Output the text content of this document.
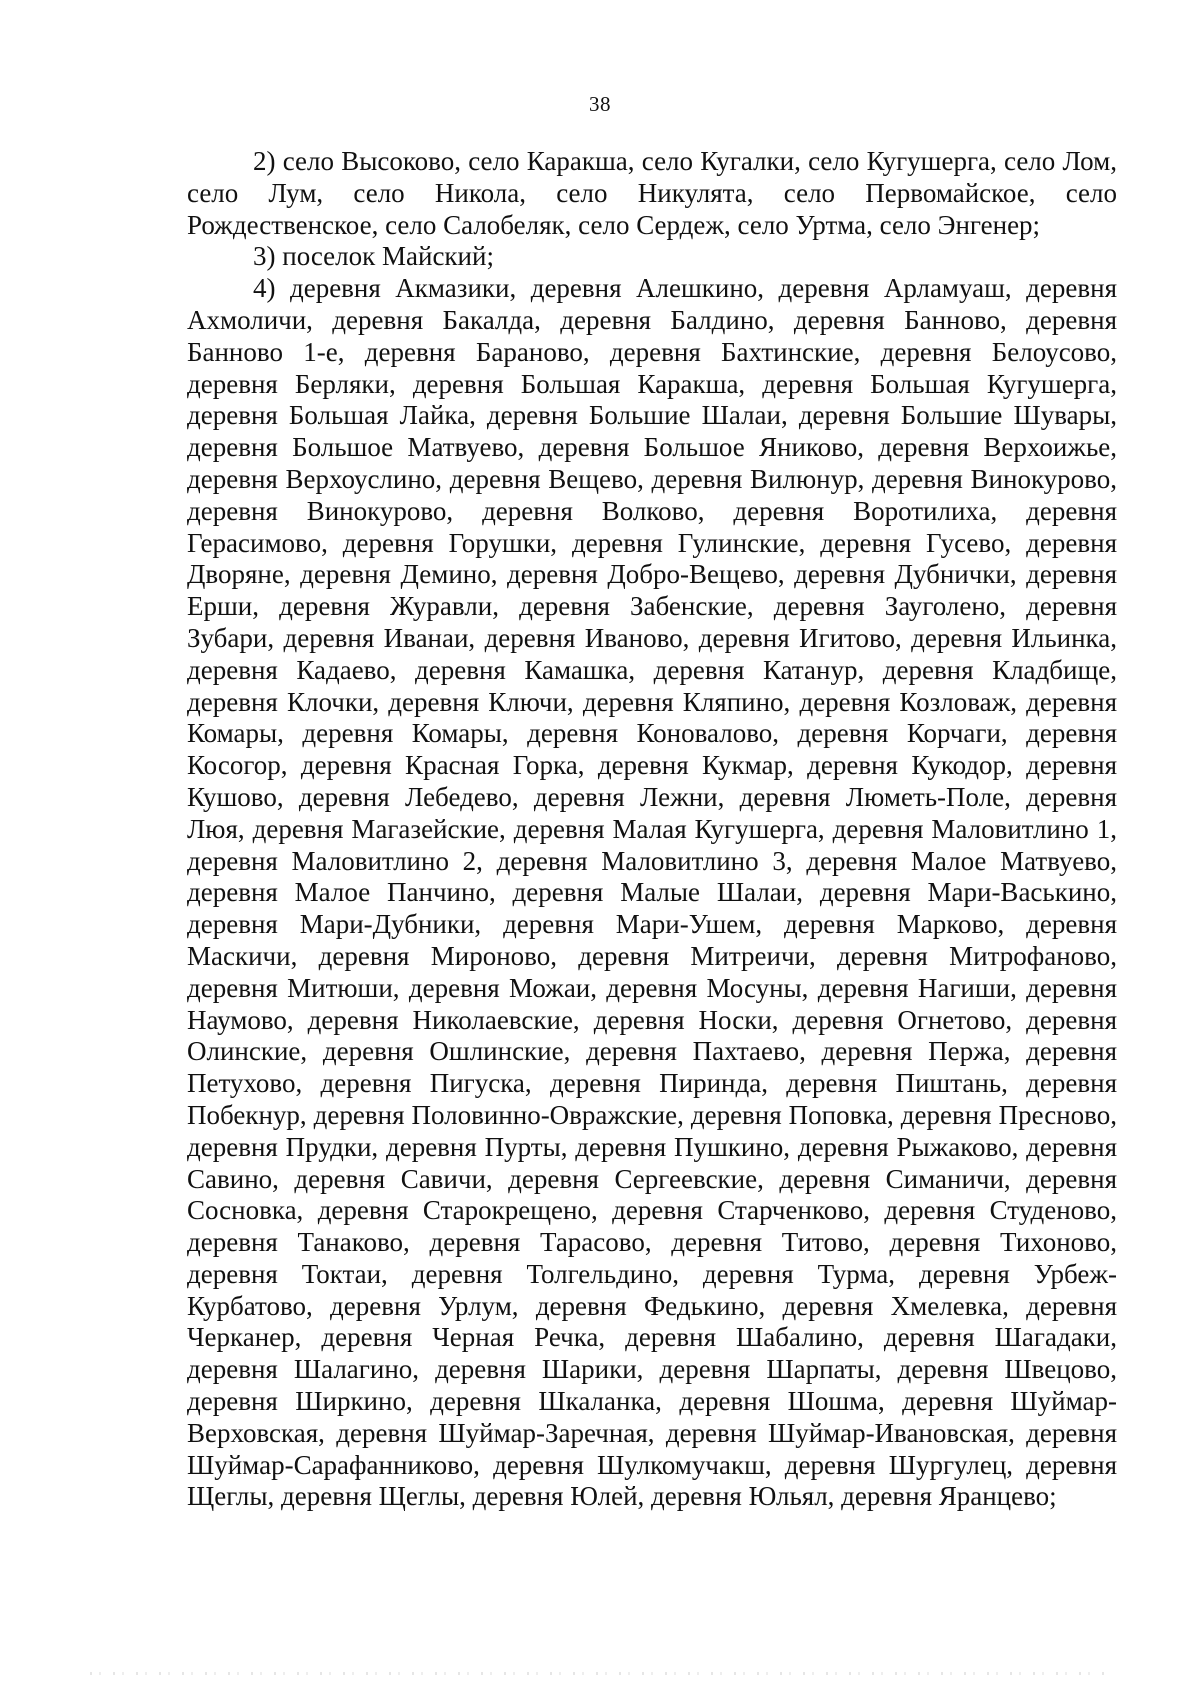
38

2) село Высоково, село Каракша, село Кугалки, село Кугушерга, село Лом, село Лум, село Никола, село Никулята, село Первомайское, село Рождественское, село Салобеляк, село Сердеж, село Уртма, село Энгенер;

3) поселок Майский;

4) деревня Акмазики, деревня Алешкино, деревня Арламуаш, деревня Ахмоличи, деревня Бакалда, деревня Балдино, деревня Банново, деревня Банново 1-е, деревня Бараново, деревня Бахтинские, деревня Белоусово, деревня Берляки, деревня Большая Каракша, деревня Большая Кугушерга, деревня Большая Лайка, деревня Большие Шалаи, деревня Большие Шувары, деревня Большое Матвуево, деревня Большое Яниково, деревня Верхоижье, деревня Верхоуслино, деревня Вещево, деревня Вилюнур, деревня Винокурово, деревня Винокурово, деревня Волково, деревня Воротилиха, деревня Герасимово, деревня Горушки, деревня Гулинские, деревня Гусево, деревня Дворяне, деревня Демино, деревня Добро-Вещево, деревня Дубнички, деревня Ерши, деревня Журавли, деревня Забенские, деревня Зауголено, деревня Зубари, деревня Иванаи, деревня Иваново, деревня Игитово, деревня Ильинка, деревня Кадаево, деревня Камашка, деревня Катанур, деревня Кладбище, деревня Клочки, деревня Ключи, деревня Кляпино, деревня Козловаж, деревня Комары, деревня Комары, деревня Коновалово, деревня Корчаги, деревня Косогор, деревня Красная Горка, деревня Кукмар, деревня Кукодор, деревня Кушово, деревня Лебедево, деревня Лежни, деревня Люметь-Поле, деревня Люя, деревня Магазейские, деревня Малая Кугушерга, деревня Маловитлино 1, деревня Маловитлино 2, деревня Маловитлино 3, деревня Малое Матвуево, деревня Малое Панчино, деревня Малые Шалаи, деревня Мари-Васькино, деревня Мари-Дубники, деревня Мари-Ушем, деревня Марково, деревня Маскичи, деревня Мироново, деревня Митреичи, деревня Митрофаново, деревня Митюши, деревня Можаи, деревня Мосуны, деревня Нагиши, деревня Наумово, деревня Николаевские, деревня Носки, деревня Огнетово, деревня Олинские, деревня Ошлинские, деревня Пахтаево, деревня Пержа, деревня Петухово, деревня Пигуска, деревня Пиринда, деревня Пиштань, деревня Побекнур, деревня Половинно-Овражские, деревня Поповка, деревня Пресново, деревня Прудки, деревня Пурты, деревня Пушкино, деревня Рыжаково, деревня Савино, деревня Савичи, деревня Сергеевские, деревня Симаничи, деревня Сосновка, деревня Старокрещено, деревня Старченково, деревня Студеново, деревня Танаково, деревня Тарасово, деревня Титово, деревня Тихоново, деревня Токтаи, деревня Толгельдино, деревня Турма, деревня Урбеж-Курбатово, деревня Урлум, деревня Федькино, деревня Хмелевка, деревня Черканер, деревня Черная Речка, деревня Шабалино, деревня Шагадаки, деревня Шалагино, деревня Шарики, деревня Шарпаты, деревня Швецово, деревня Ширкино, деревня Шкаланка, деревня Шошма, деревня Шуймар-Верховская, деревня Шуймар-Заречная, деревня Шуймар-Ивановская, деревня Шуймар-Сарафанниково, деревня Шулкомучакш, деревня Шургулец, деревня Щеглы, деревня Щеглы, деревня Юлей, деревня Юльял, деревня Яранцево;
